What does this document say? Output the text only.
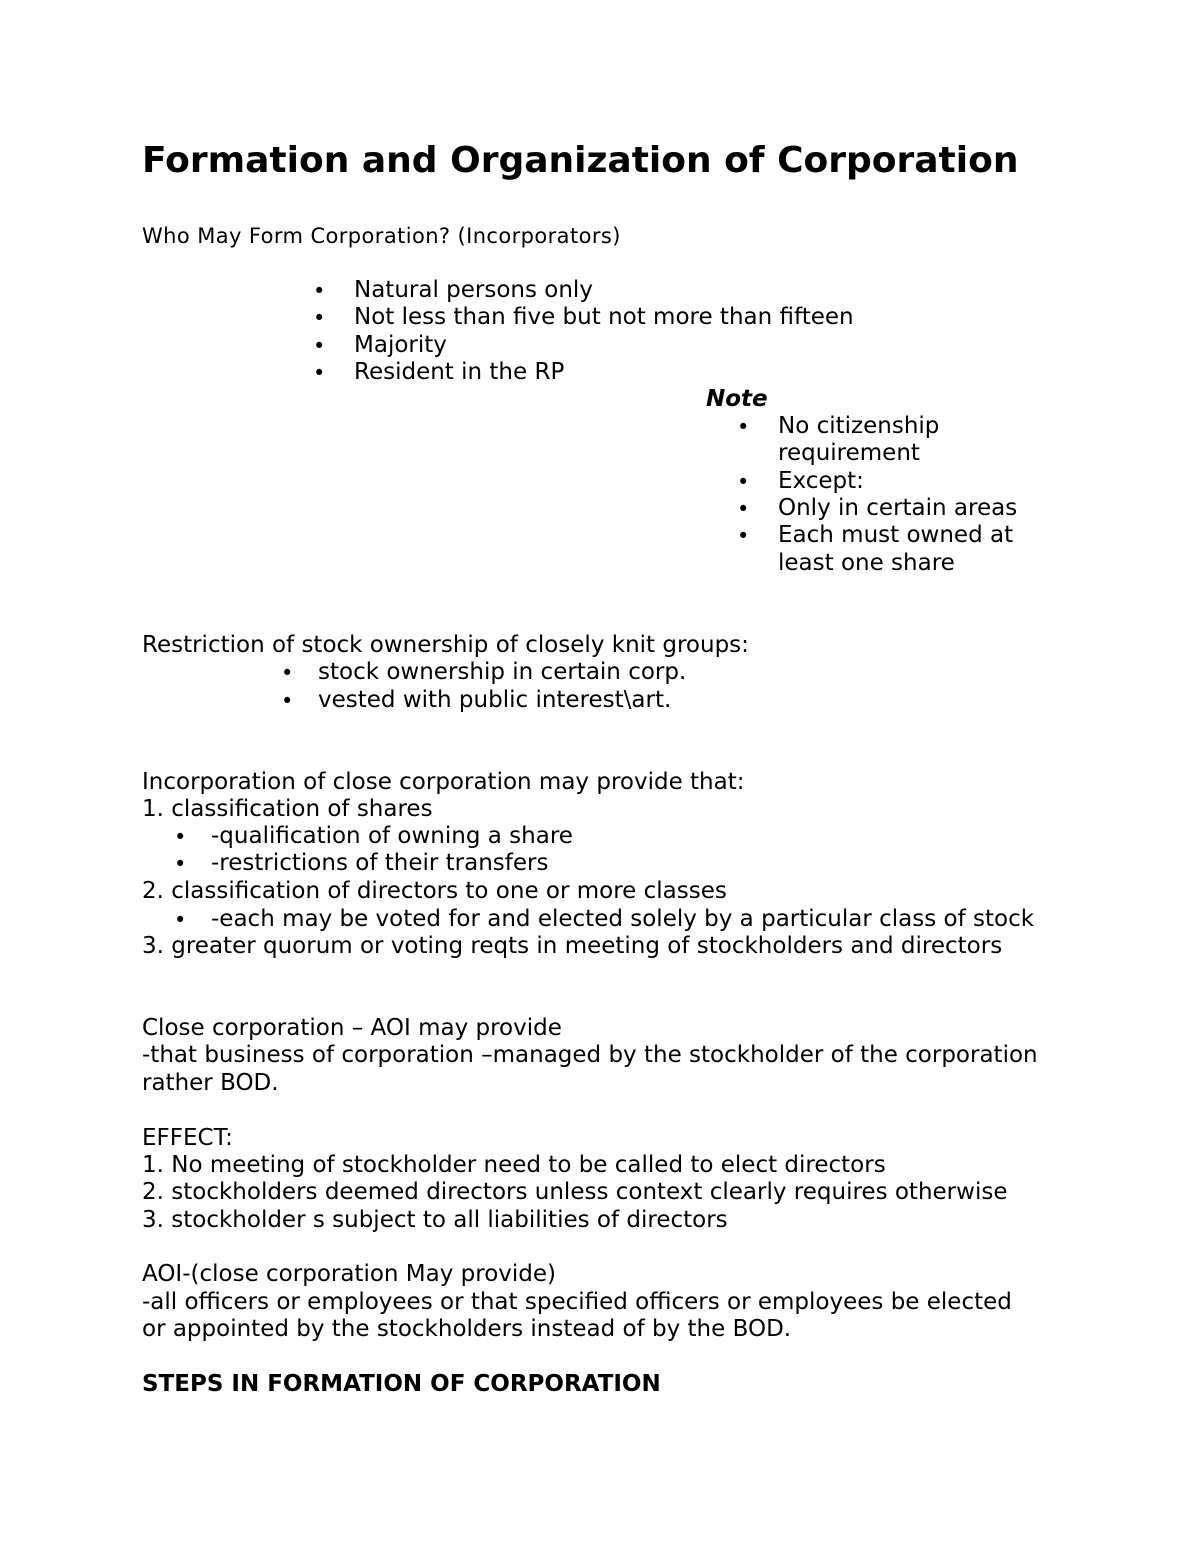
Formation and Organization of Corporation

Who May Form Corporation? (Incorporators)

•

Natural persons only

•

Not less than five but not more than fifteen

•

Majority

•

Resident in the RP

Note

•

No citizenship

requirement

•

Except:

•

Only in certain areas

•

Each must owned at

least one share

Restriction of stock ownership of closely knit groups:

•

stock ownership in certain corp.

•

vested with public interest\art.

Incorporation of close corporation may provide that:

1. classification of shares

•

-qualification of owning a share

•

-restrictions of their transfers

2. classification of directors to one or more classes

•

-each may be voted for and elected solely by a particular class of stock

3. greater quorum or voting reqts in meeting of stockholders and directors

Close corporation – AOI may provide

-that business of corporation –managed by the stockholder of the corporation

rather BOD.

EFFECT:

1. No meeting of stockholder need to be called to elect directors

2. stockholders deemed directors unless context clearly requires otherwise

3. stockholder s subject to all liabilities of directors

AOI-(close corporation May provide)

-all officers or employees or that specified officers or employees be elected

or appointed by the stockholders instead of by the BOD.

STEPS IN FORMATION OF CORPORATION
